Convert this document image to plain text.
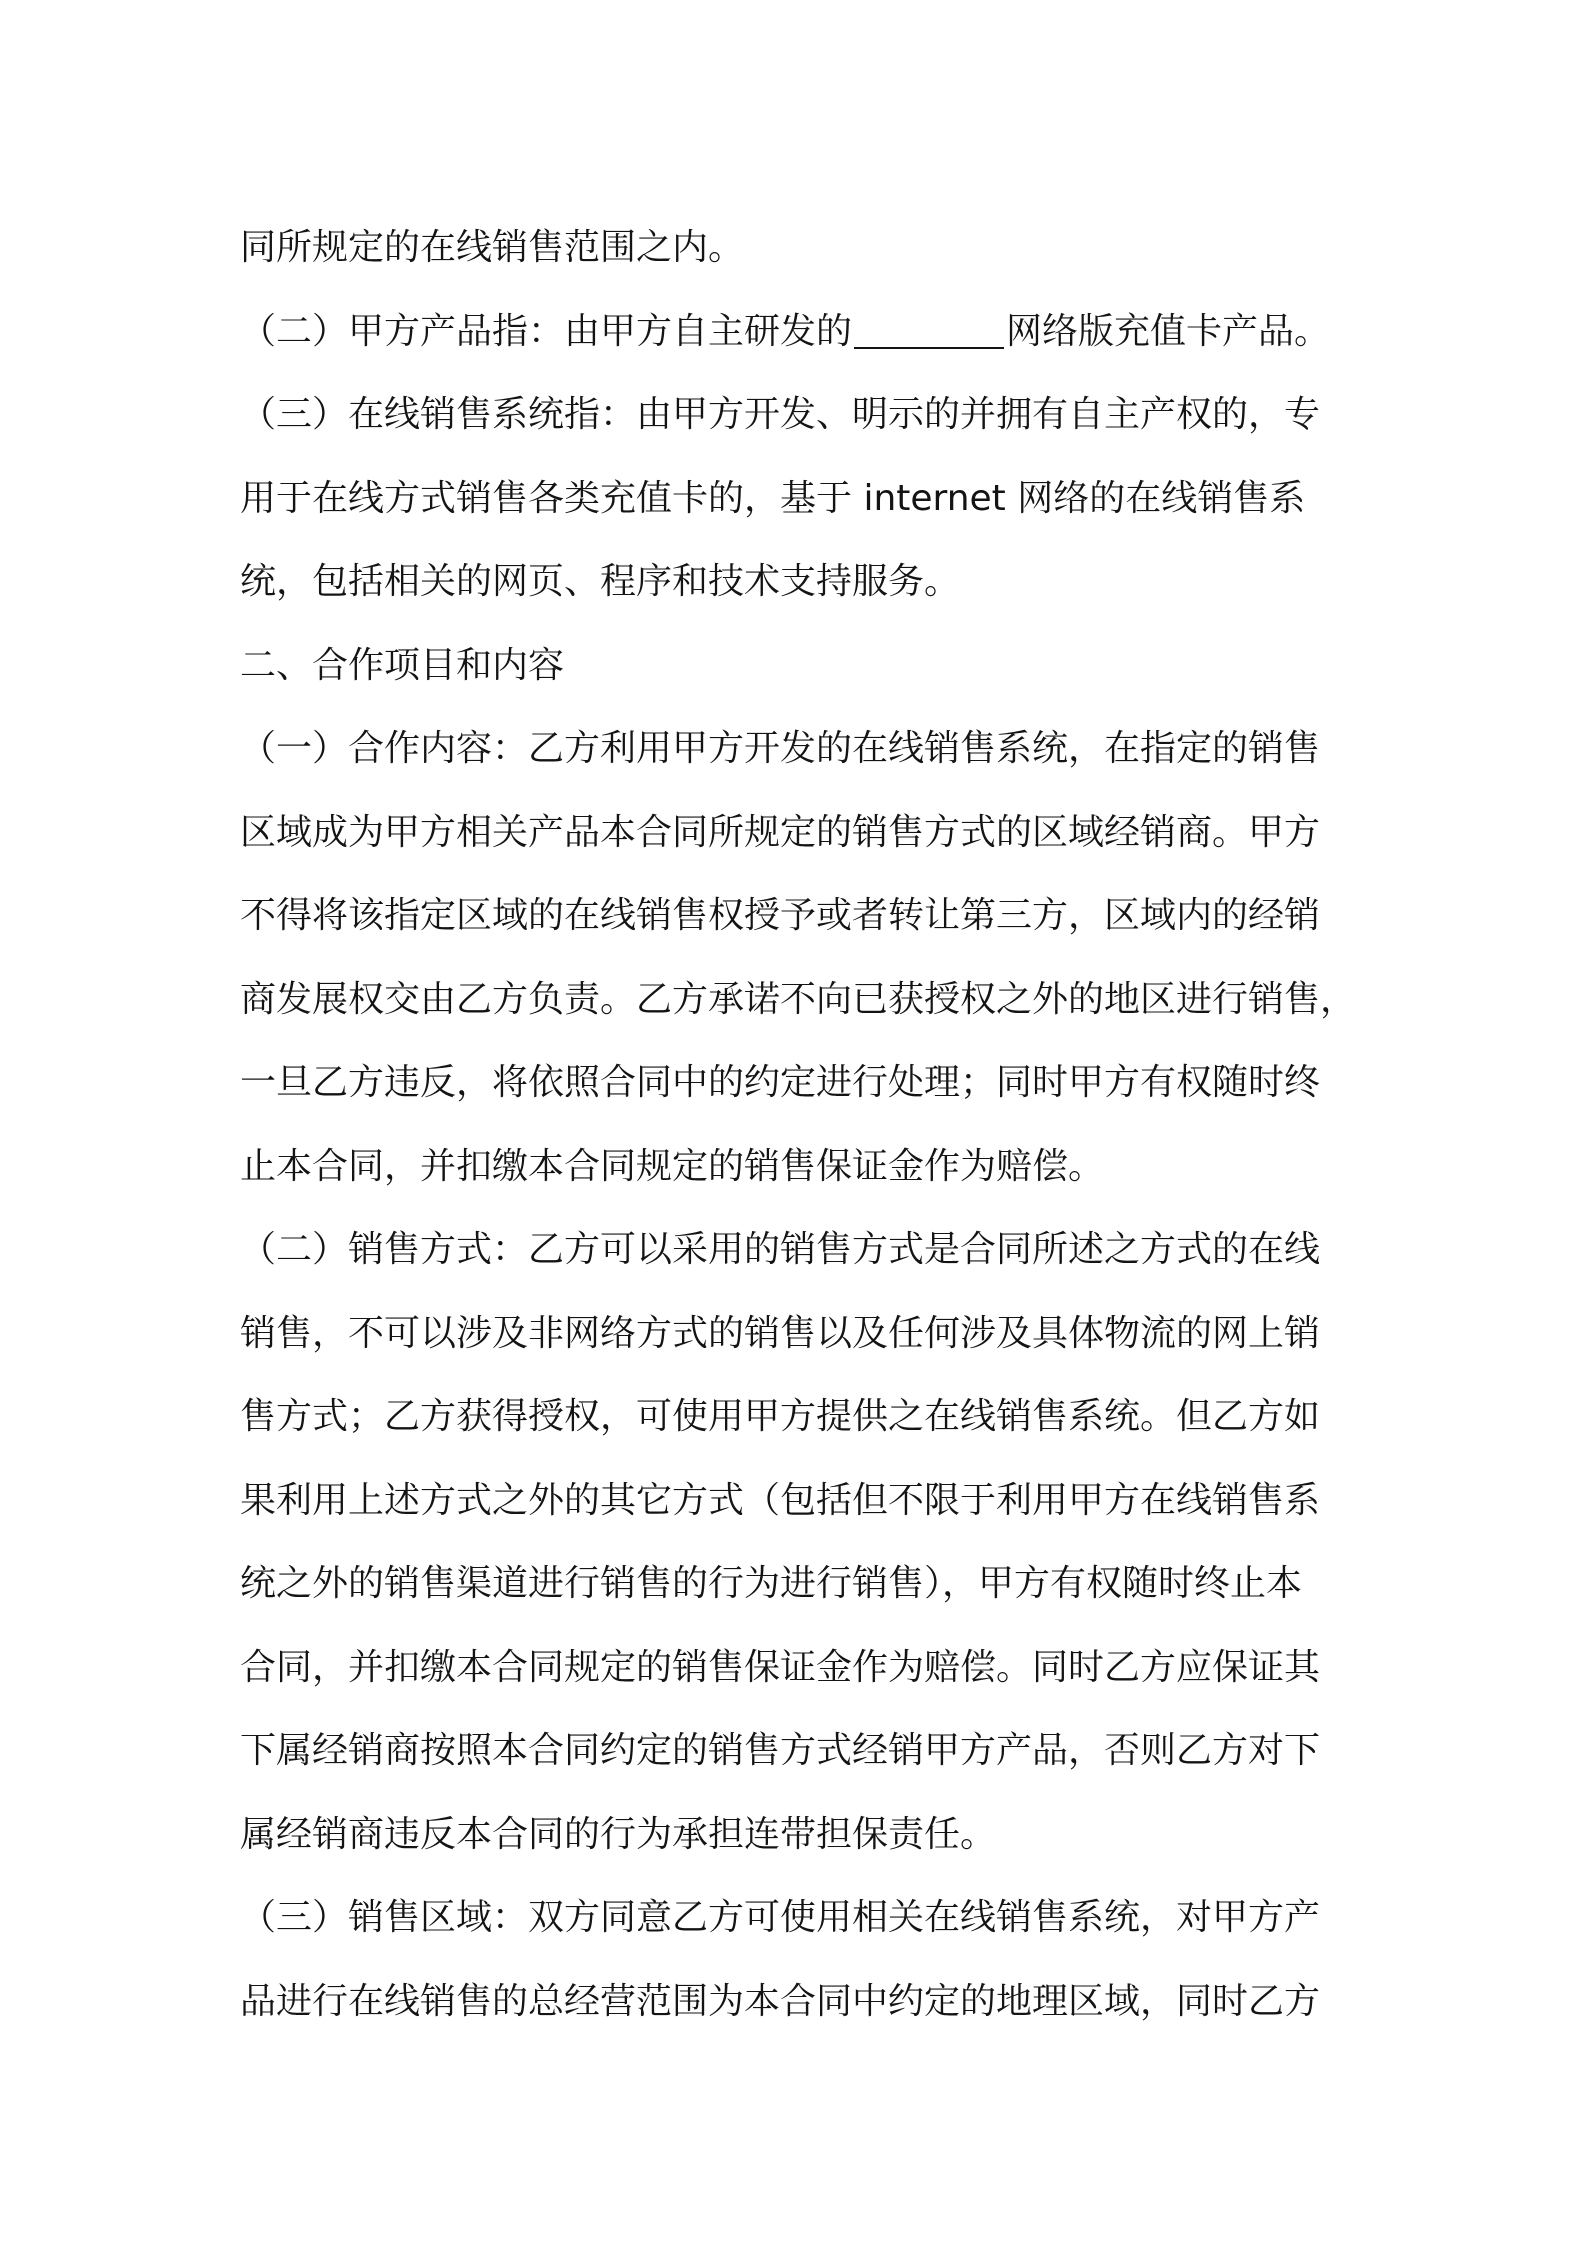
同所规定的在线销售范围之内。
（二）甲方产品指：由甲方自主研发的	网络版充值卡产品。
（三）在线销售系统指：由甲方开发、明示的并拥有自主产权的，专
用于在线方式销售各类充值卡的，基于 internet 网络的在线销售系
统，包括相关的网页、程序和技术支持服务。
二、合作项目和内容
（一）合作内容：乙方利用甲方开发的在线销售系统，在指定的销售
区域成为甲方相关产品本合同所规定的销售方式的区域经销商。甲方
不得将该指定区域的在线销售权授予或者转让第三方，区域内的经销
商发展权交由乙方负责。乙方承诺不向已获授权之外的地区进行销售，
一旦乙方违反，将依照合同中的约定进行处理；同时甲方有权随时终
止本合同，并扣缴本合同规定的销售保证金作为赔偿。
（二）销售方式：乙方可以采用的销售方式是合同所述之方式的在线
销售，不可以涉及非网络方式的销售以及任何涉及具体物流的网上销
售方式；乙方获得授权，可使用甲方提供之在线销售系统。但乙方如
果利用上述方式之外的其它方式（包括但不限于利用甲方在线销售系
统之外的销售渠道进行销售的行为进行销售），甲方有权随时终止本
合同，并扣缴本合同规定的销售保证金作为赔偿。同时乙方应保证其
下属经销商按照本合同约定的销售方式经销甲方产品，否则乙方对下
属经销商违反本合同的行为承担连带担保责任。
（三）销售区域：双方同意乙方可使用相关在线销售系统，对甲方产
品进行在线销售的总经营范围为本合同中约定的地理区域，同时乙方
